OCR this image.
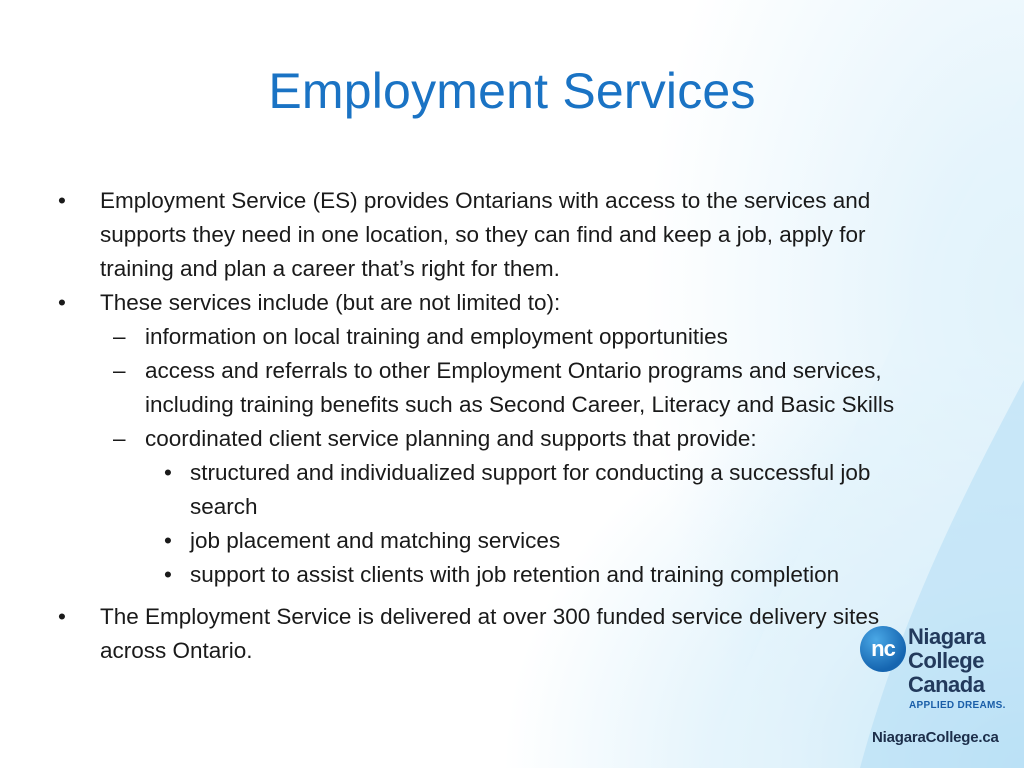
Employment Services
• Employment Service (ES) provides Ontarians with access to the services and
supports they need in one location, so they can find and keep a job, apply for
training and plan a career that’s right for them.
• These services include (but are not limited to):
– information on local training and employment opportunities
– access and referrals to other Employment Ontario programs and services,
including training benefits such as Second Career, Literacy and Basic Skills
– coordinated client service planning and supports that provide:
• structured and individualized support for conducting a successful job
search
• job placement and matching services
• support to assist clients with job retention and training completion
• The Employment Service is delivered at over 300 funded service delivery sites
across Ontario.	nc Niagara
College
Canada
APPLIED DREAMS.
NiagaraCollege.ca
